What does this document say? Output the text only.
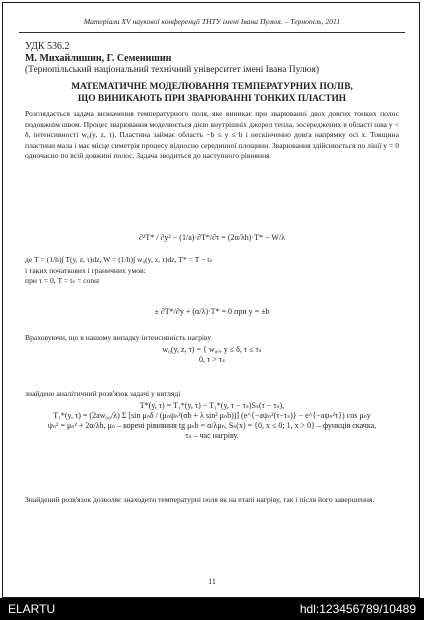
Матеріали XV наукової конференції ТНТУ імені Івана Пулюя. – Тернопіль, 2011
УДК 536.2
М. Михайлишин, Г. Семенишин
(Тернопільський національний технічний університет імені Івана Пулюя)
МАТЕМАТИЧНЕ МОДЕЛЮВАННЯ ТЕМПЕРАТУРНИХ ПОЛІВ,
ЩО ВИНИКАЮТЬ ПРИ ЗВАРЮВАННІ ТОНКИХ ПЛАСТИН
Розглядається задача визначення температурного поля, яке виникає при зварюванні двох довгих тонких полос подовжнім швом. Процес зварювання моделюється дією внутрішніх джерел тепла, зосереджених в області шва y < δ, інтенсивності w₀(y, z, τ). Пластина займає область −b ≤ y ≤ b і нескінченно довга напрямку осі x. Товщина пластини мала і має місце симетрія процесу відносно серединної площини. Зварювання здійснюється по лінії y = 0 одночасно по всій довжині полос. Задача зводиться до наступного рівняння
∂²T* / ∂y² − (1/a)·∂T*/∂τ = (2α/λh)·T* − W/λ
де T = (1/h)∫ T(y, z, τ)dz, W = (1/h)∫ w₀(y, z, τ)dz, T* = T − tₛ
і таких початкових і граничних умов:
при τ = 0, T = tₛ = const
± ∂T*/∂y + (α/λ)·T* = 0 при y = ±b
Враховуючи, що в нашому випадку інтенсивність нагріву
w₀(y, z, τ) = { w₀ₒ, y ≤ δ, τ ≤ τₛ
0, τ > τₛ
знайдено аналітичний розв'язок задачі у вигляді
T*(y, τ) = T₁*(y, τ) − T₁*(y, τ − τₛ)Sₛ(τ − τₛ),
T₁*(y, τ) = (2aw₀₀/λ) Σ [sin μₙδ / (μₙψₙ²(αb + λ sin² μₙb))] (e^{−aψₙ²(τ−τₛ)} − e^{−aψₙ²τ}) cos μₙy
ψₙ² = μₙ² + 2α/λh, μₙ – корені рівняння tg μₙb = α/λμₙ, Sₛ(x) = {0, x ≤ 0; 1, x > 0} – функція скачка,
τₛ – час нагріву.
Знайдений розв'язок дозволяє знаходити температурні поля як на етапі нагріву, так і після його завершення.
11
ELARTU	hdl:123456789/10489
